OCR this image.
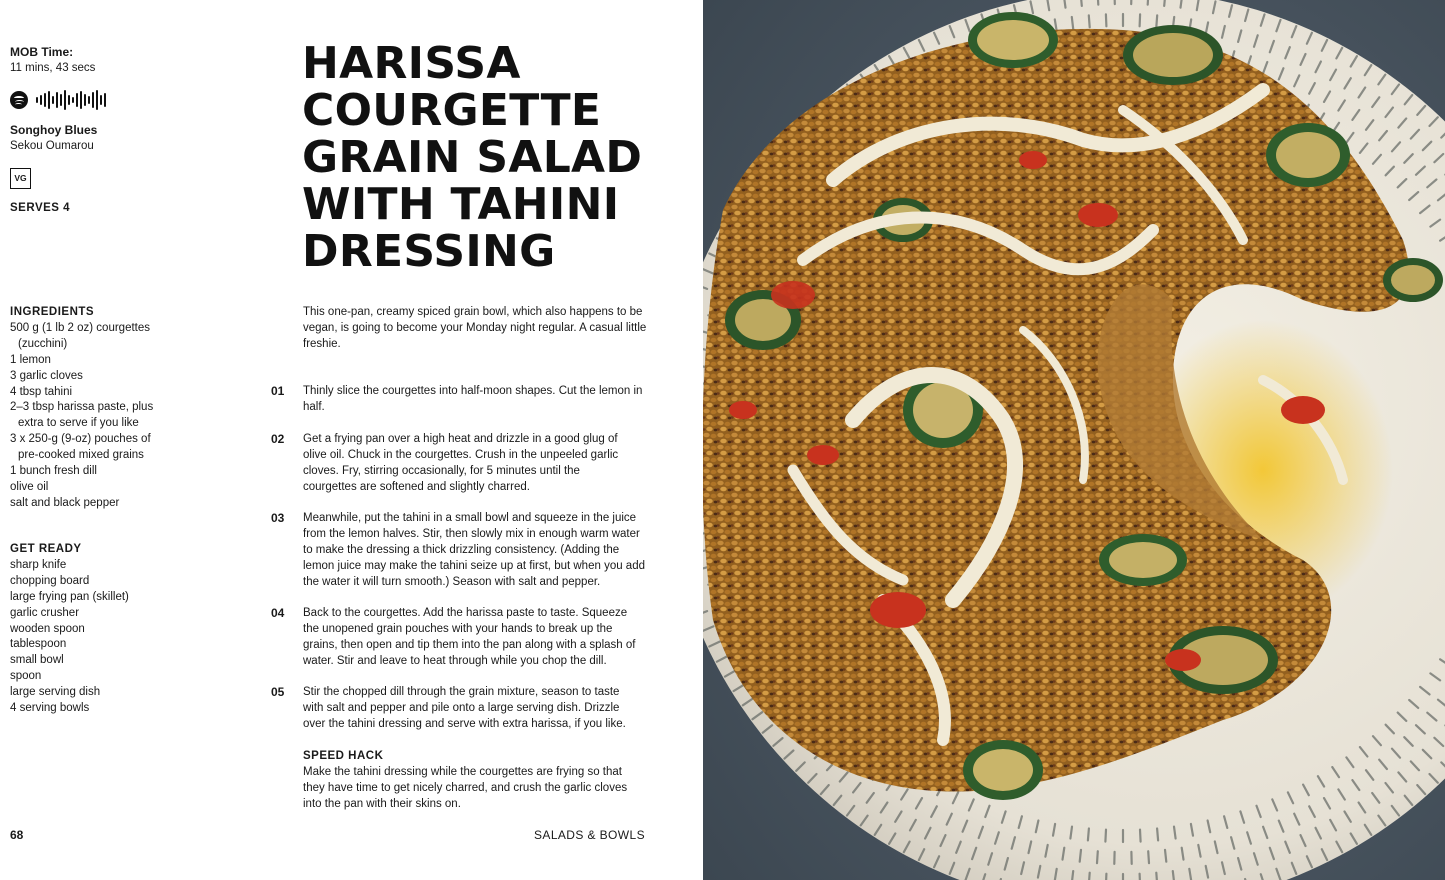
MOB Time:
11 mins, 43 secs
Songhoy Blues
Sekou Oumarou
VG
SERVES 4
INGREDIENTS
500 g (1 lb 2 oz) courgettes (zucchini)
1 lemon
3 garlic cloves
4 tbsp tahini
2–3 tbsp harissa paste, plus extra to serve if you like
3 x 250-g (9-oz) pouches of pre-cooked mixed grains
1 bunch fresh dill
olive oil
salt and black pepper
GET READY
sharp knife
chopping board
large frying pan (skillet)
garlic crusher
wooden spoon
tablespoon
small bowl
spoon
large serving dish
4 serving bowls
HARISSA COURGETTE GRAIN SALAD WITH TAHINI DRESSING

This one-pan, creamy spiced grain bowl, which also happens to be vegan, is going to become your Monday night regular. A casual little freshie.

01 Thinly slice the courgettes into half-moon shapes. Cut the lemon in half.
02 Get a frying pan over a high heat and drizzle in a good glug of olive oil. Chuck in the courgettes. Crush in the unpeeled garlic cloves. Fry, stirring occasionally, for 5 minutes until the courgettes are softened and slightly charred.
03 Meanwhile, put the tahini in a small bowl and squeeze in the juice from the lemon halves. Stir, then slowly mix in enough warm water to make the dressing a thick drizzling consistency. (Adding the lemon juice may make the tahini seize up at first, but when you add the water it will turn smooth.) Season with salt and pepper.
04 Back to the courgettes. Add the harissa paste to taste. Squeeze the unopened grain pouches with your hands to break up the grains, then open and tip them into the pan along with a splash of water. Stir and leave to heat through while you chop the dill.
05 Stir the chopped dill through the grain mixture, season to taste with salt and pepper and pile onto a large serving dish. Drizzle over the tahini dressing and serve with extra harissa, if you like.
SPEED HACK
Make the tahini dressing while the courgettes are frying so that they have time to get nicely charred, and crush the garlic cloves into the pan with their skins on.
68	SALADS & BOWLS
